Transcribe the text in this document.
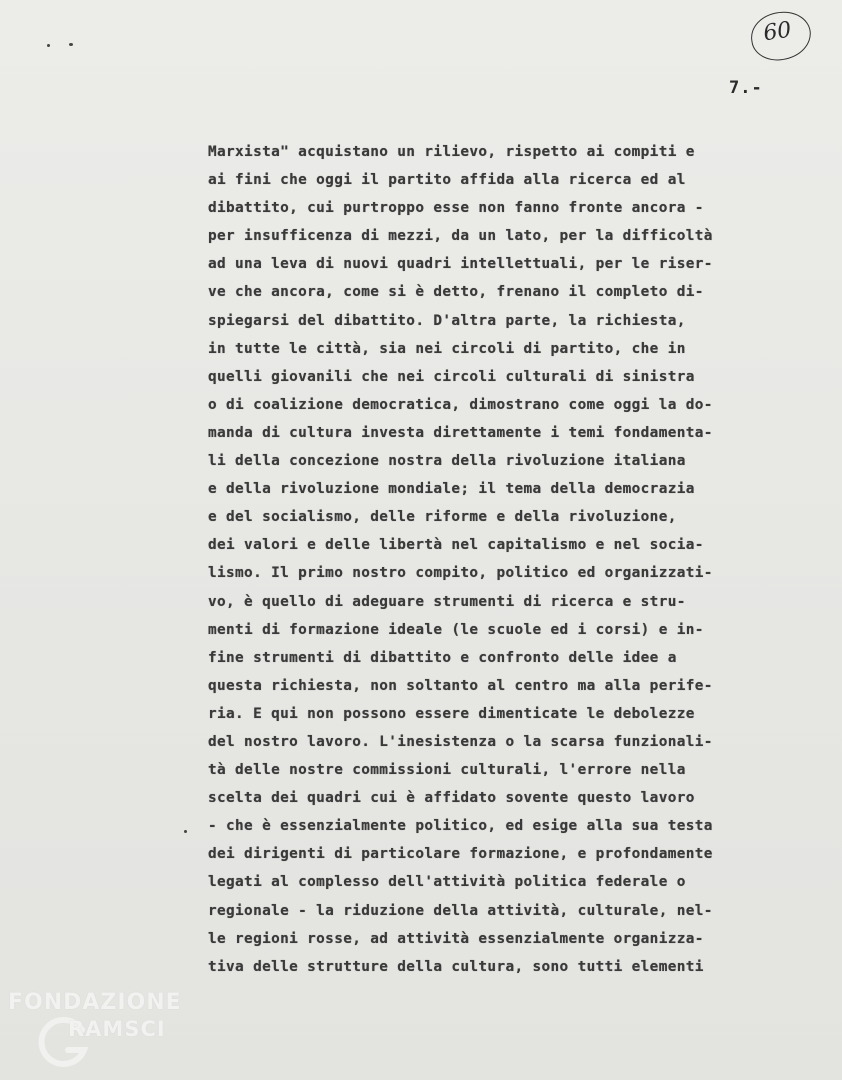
60
7.-
Marxista" acquistano un rilievo, rispetto ai compiti e
ai fini che oggi il partito affida alla ricerca ed al
dibattito, cui purtroppo esse non fanno fronte ancora -
per insufficenza di mezzi, da un lato, per la difficoltà
ad una leva di nuovi quadri intellettuali, per le riser-
ve che ancora, come si è detto, frenano il completo di-
spiegarsi del dibattito. D'altra parte, la richiesta,
in tutte le città, sia nei circoli di partito, che in
quelli giovanili che nei circoli culturali di sinistra
o di coalizione democratica, dimostrano come oggi la do-
manda di cultura investa direttamente i temi fondamenta-
li della concezione nostra della rivoluzione italiana
e della rivoluzione mondiale; il tema della democrazia
e del socialismo, delle riforme e della rivoluzione,
dei valori e delle libertà nel capitalismo e nel socia-
lismo. Il primo nostro compito, politico ed organizzati-
vo, è quello di adeguare strumenti di ricerca e stru-
menti di formazione ideale (le scuole ed i corsi) e in-
fine strumenti di dibattito e confronto delle idee a
questa richiesta, non soltanto al centro ma alla perife-
ria. E qui non possono essere dimenticate le debolezze
del nostro lavoro. L'inesistenza o la scarsa funzionali-
tà delle nostre commissioni culturali, l'errore nella
scelta dei quadri cui è affidato sovente questo lavoro
- che è essenzialmente politico, ed esige alla sua testa
dei dirigenti di particolare formazione, e profondamente
legati al complesso dell'attività politica federale o
regionale - la riduzione della attività, culturale, nel-
le regioni rosse, ad attività essenzialmente organizza-
tiva delle strutture della cultura, sono tutti elementi
FONDAZIONE
RAMSCI
